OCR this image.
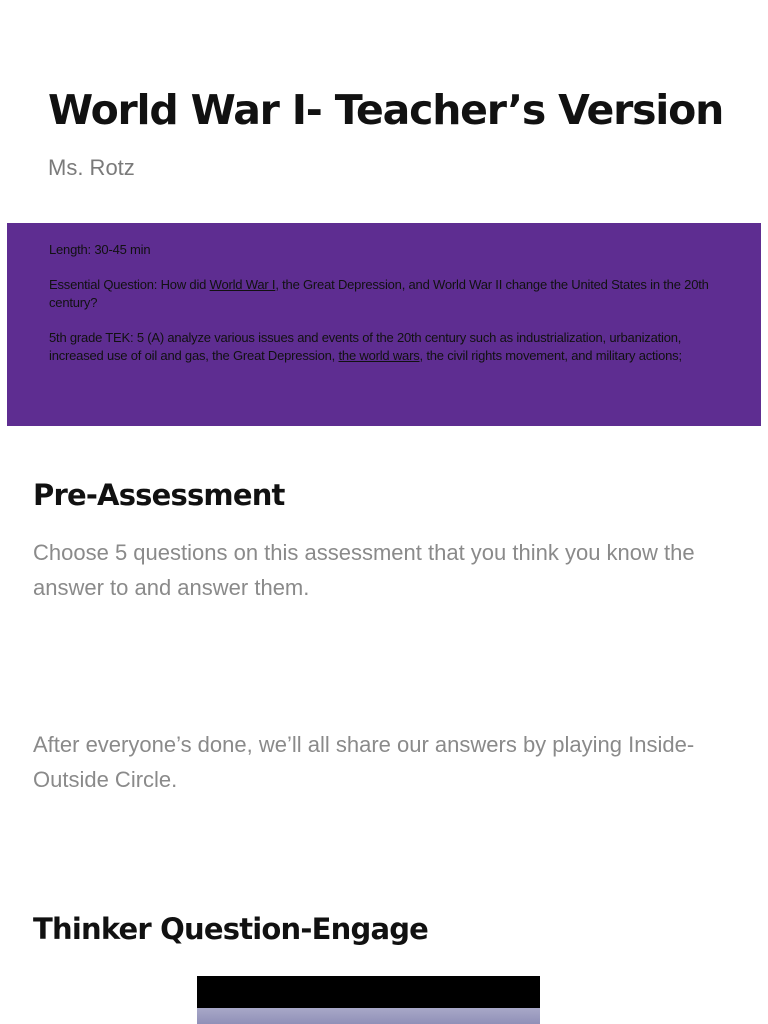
World War I- Teacher’s Version
Ms. Rotz

Length: 30-45 min

Essential Question: How did World War I, the Great Depression, and World War II change the United States in the 20th century?

5th grade TEK: 5 (A) analyze various issues and events of the 20th century such as industrialization, urbanization, increased use of oil and gas, the Great Depression, the world wars, the civil rights movement, and military actions;

Pre-Assessment

Choose 5 questions on this assessment that you think you know the answer to and answer them.

After everyone’s done, we’ll all share our answers by playing Inside-Outside Circle.

Thinker Question-Engage
